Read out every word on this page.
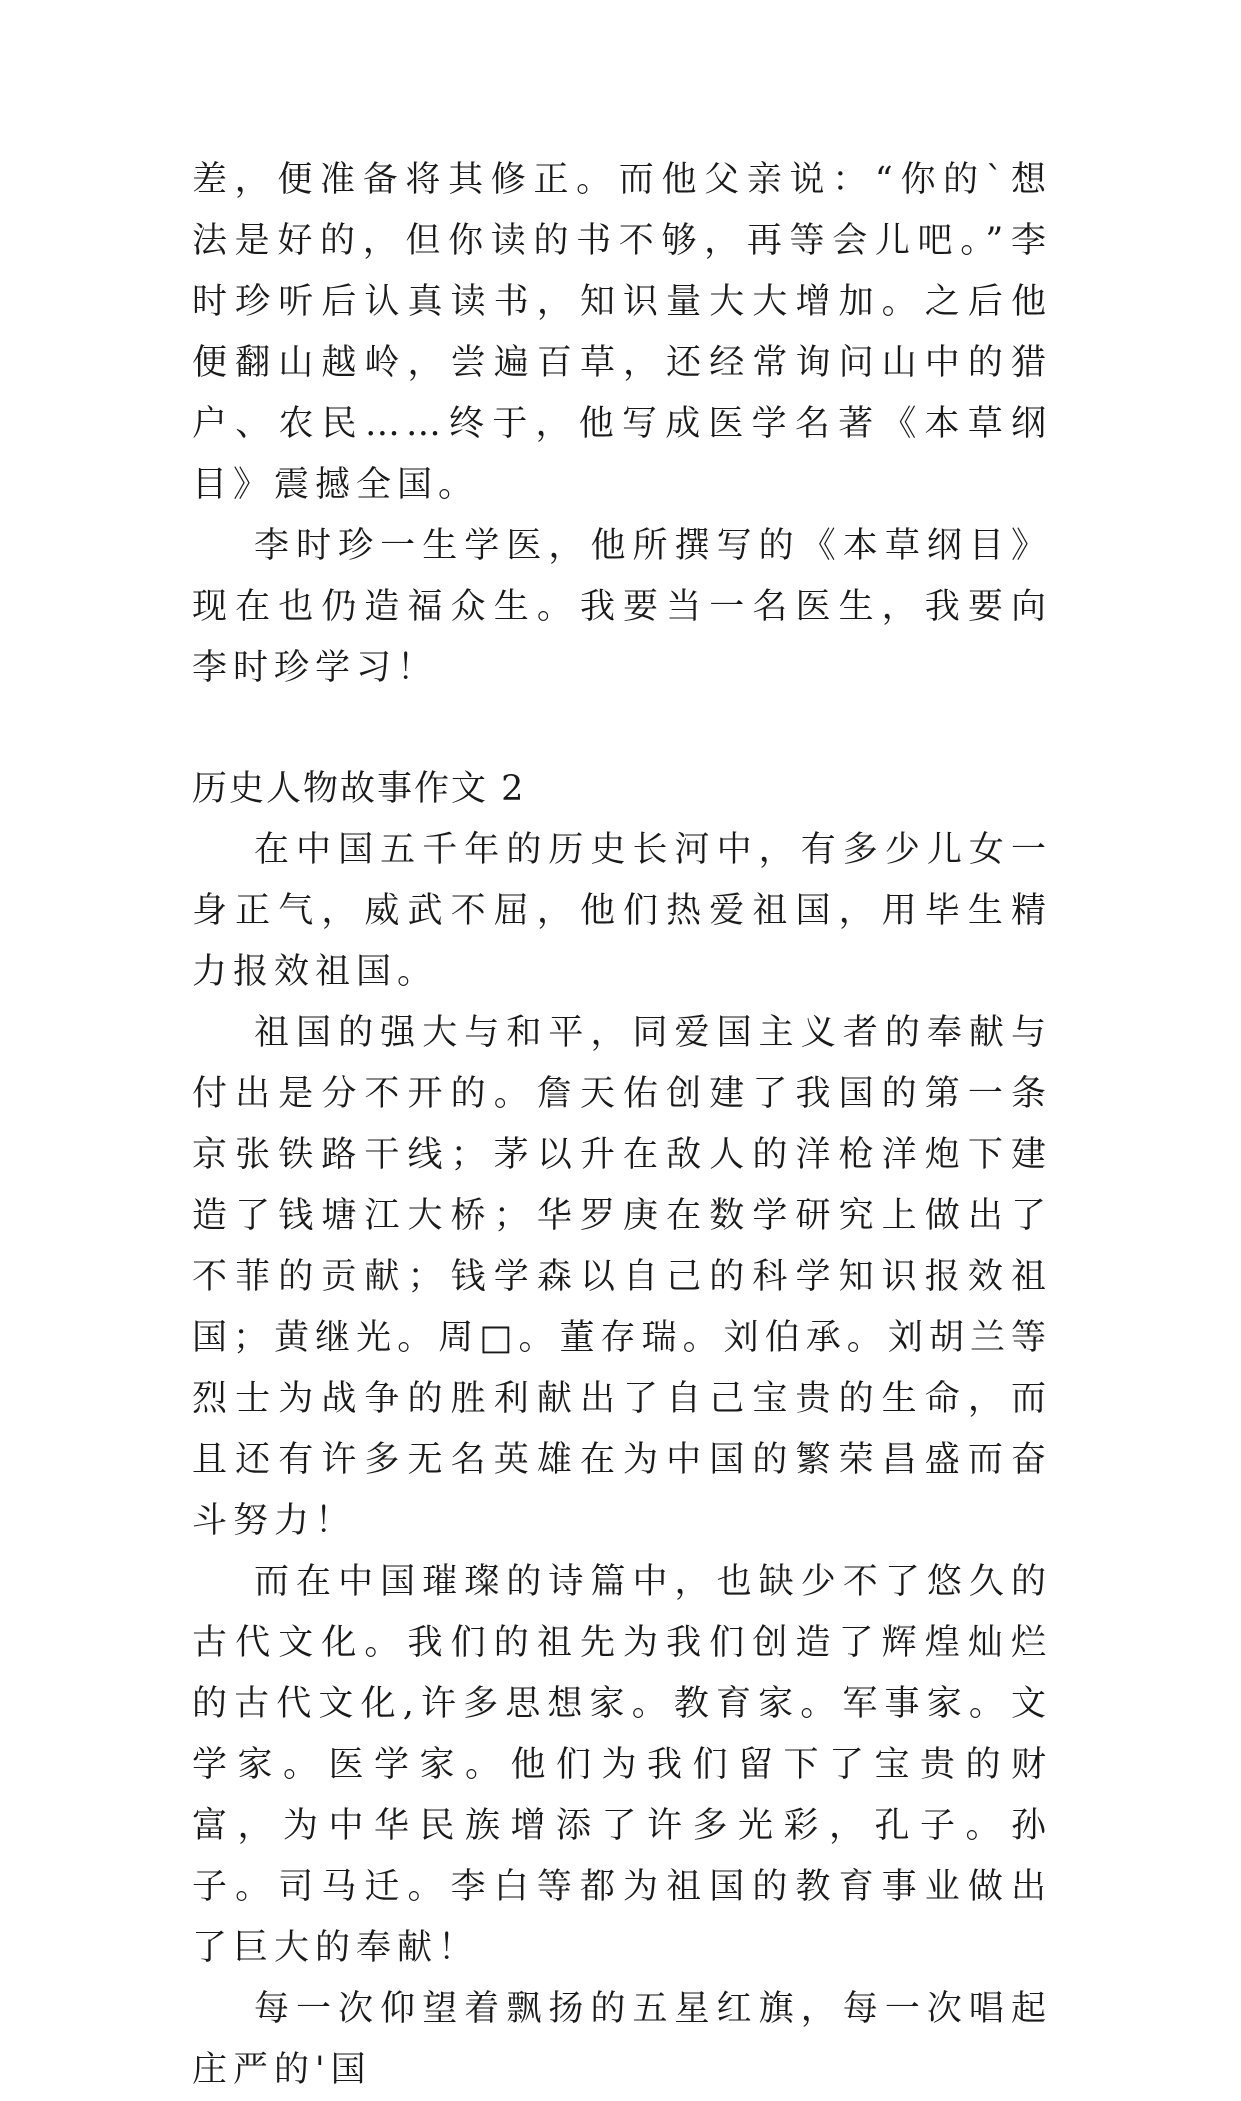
差，便准备将其修正。而他父亲说：“你的`想法是好的，但你读的书不够，再等会儿吧。”李时珍听后认真读书，知识量大大增加。之后他便翻山越岭，尝遍百草，还经常询问山中的猎户、农民……终于，他写成医学名著《本草纲目》震撼全国。

李时珍一生学医，他所撰写的《本草纲目》现在也仍造福众生。我要当一名医生，我要向李时珍学习！

历史人物故事作文 2

在中国五千年的历史长河中，有多少儿女一身正气，威武不屈，他们热爱祖国，用毕生精力报效祖国。

祖国的强大与和平，同爱国主义者的奉献与付出是分不开的。詹天佑创建了我国的第一条京张铁路干线；茅以升在敌人的洋枪洋炮下建造了钱塘江大桥；华罗庚在数学研究上做出了不菲的贡献；钱学森以自己的科学知识报效祖国；黄继光。周□。董存瑞。刘伯承。刘胡兰等烈士为战争的胜利献出了自己宝贵的生命，而且还有许多无名英雄在为中国的繁荣昌盛而奋斗努力！

而在中国璀璨的诗篇中，也缺少不了悠久的古代文化。我们的祖先为我们创造了辉煌灿烂的古代文化,许多思想家。教育家。军事家。文学家。医学家。他们为我们留下了宝贵的财富，为中华民族增添了许多光彩，孔子。孙子。司马迁。李白等都为祖国的教育事业做出了巨大的奉献！

每一次仰望着飘扬的五星红旗，每一次唱起庄严的'国
